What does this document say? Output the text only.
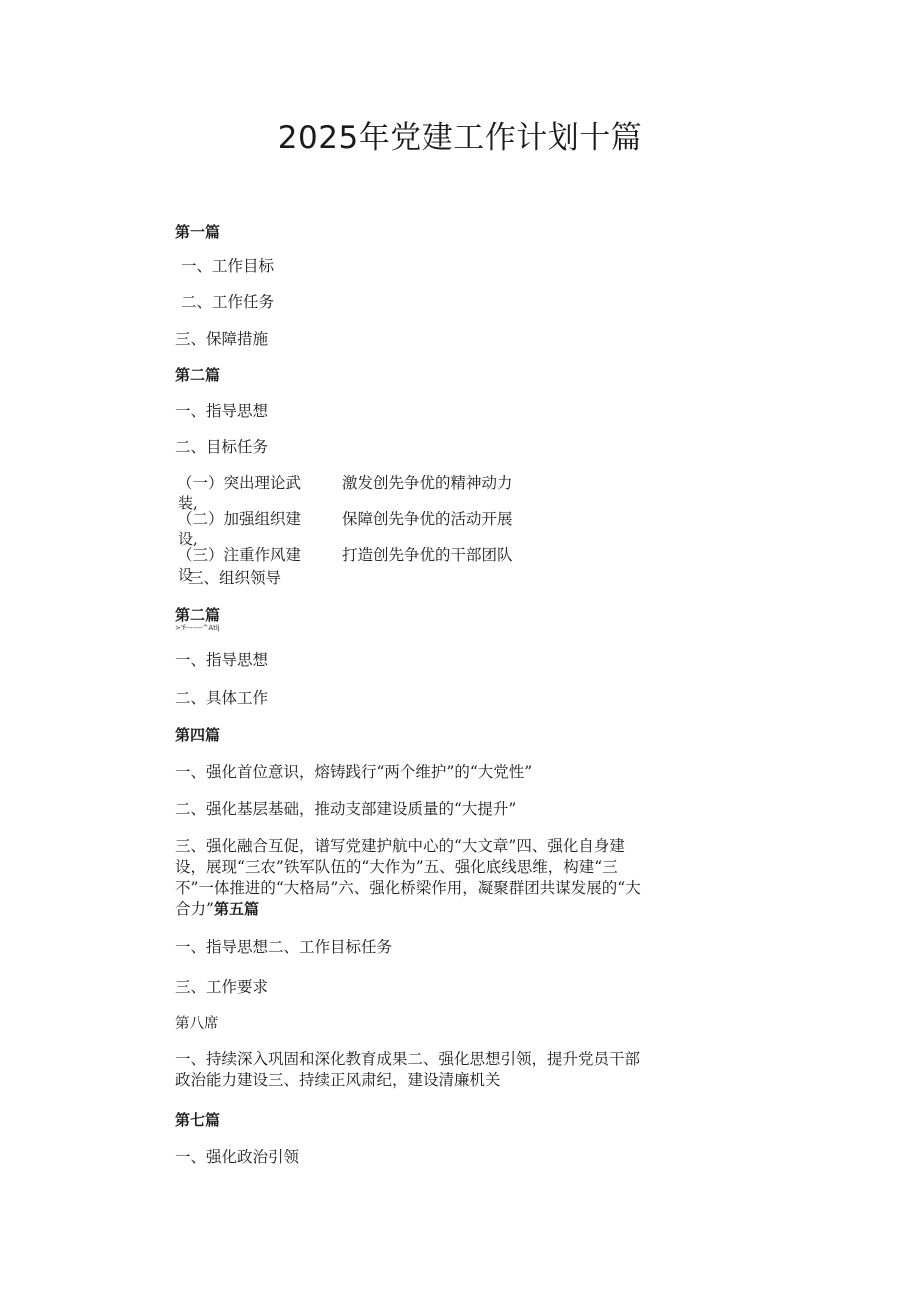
2025年党建工作计划十篇
第一篇
一、工作目标
二、工作任务
三、保障措施
第二篇
一、指导思想
二、目标任务
（一）突出理论武	激发创先争优的精神动力
装,
（二）加强组织建	保障创先争优的活动开展
设,
（三）注重作风建	打造创先争优的干部团队
设
三、组织领导
第二篇
>'f-------^Atlj
一、指导思想
二、具体工作
第四篇
一、强化首位意识，熔铸践行“两个维护”的“大党性”
二、强化基层基础，推动支部建设质量的“大提升”
三、强化融合互促，谱写党建护航中心的“大文章”四、强化自身建设，展现“三农”铁军队伍的“大作为”五、强化底线思维，构建“三不”一体推进的“大格局”六、强化桥梁作用，凝聚群团共谋发展的“大合力”第五篇
一、指导思想二、工作目标任务
三、工作要求
第八席
一、持续深入巩固和深化教育成果二、强化思想引领，提升党员干部政治能力建设三、持续正风肃纪，建设清廉机关
第七篇
一、强化政治引领
